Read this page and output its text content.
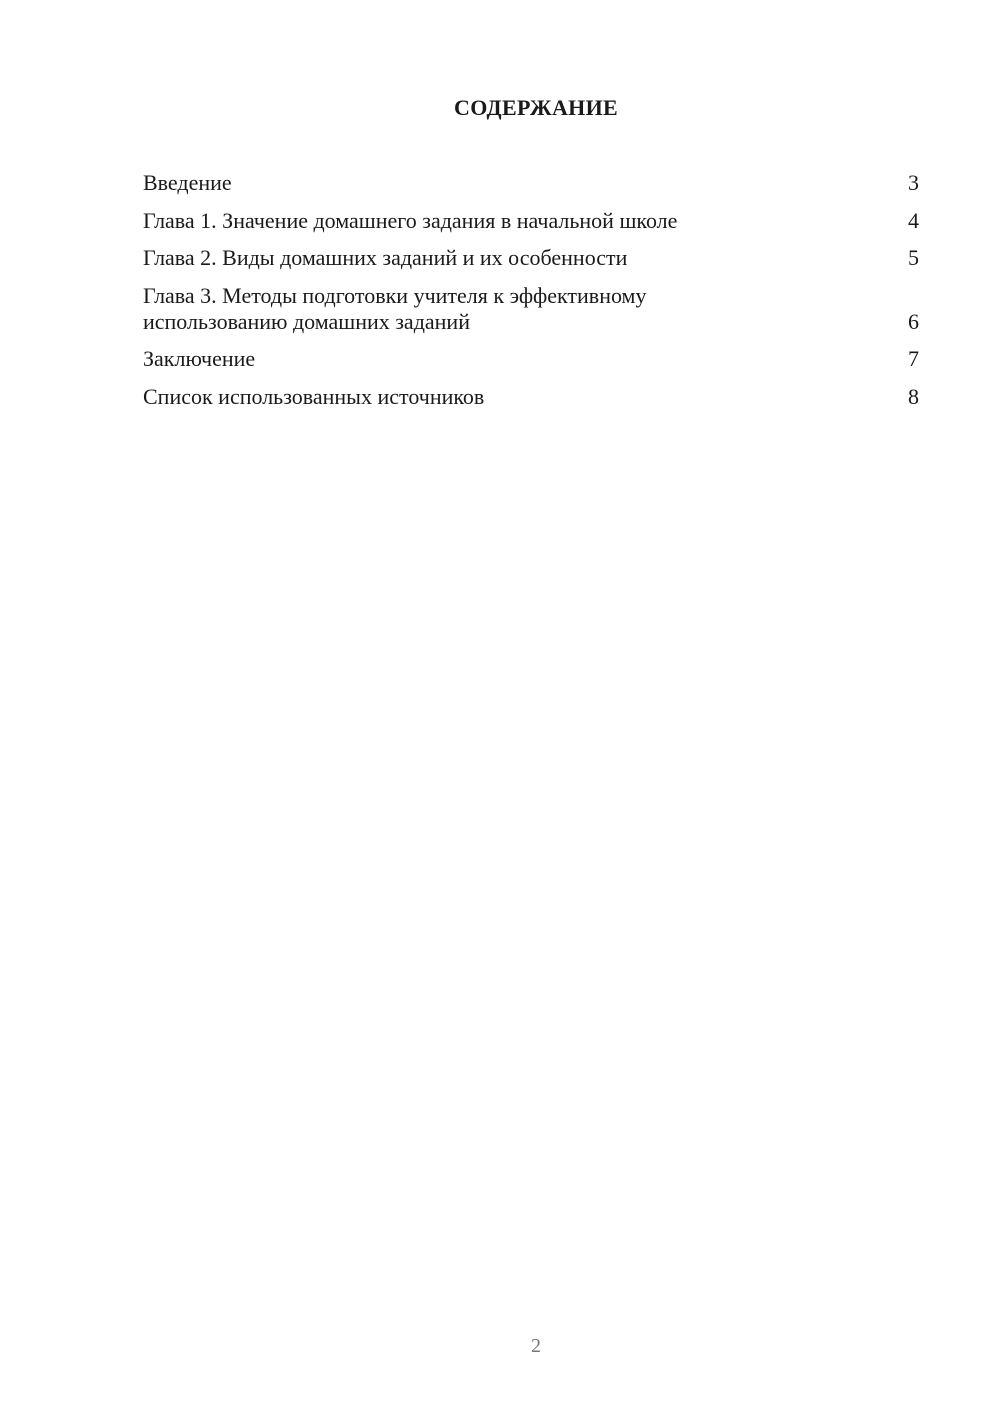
СОДЕРЖАНИЕ
Введение	3
Глава 1. Значение домашнего задания в начальной школе	4
Глава 2. Виды домашних заданий и их особенности	5
Глава 3. Методы подготовки учителя к эффективному
использованию домашних заданий	6
Заключение	7
Список использованных источников	8
2
